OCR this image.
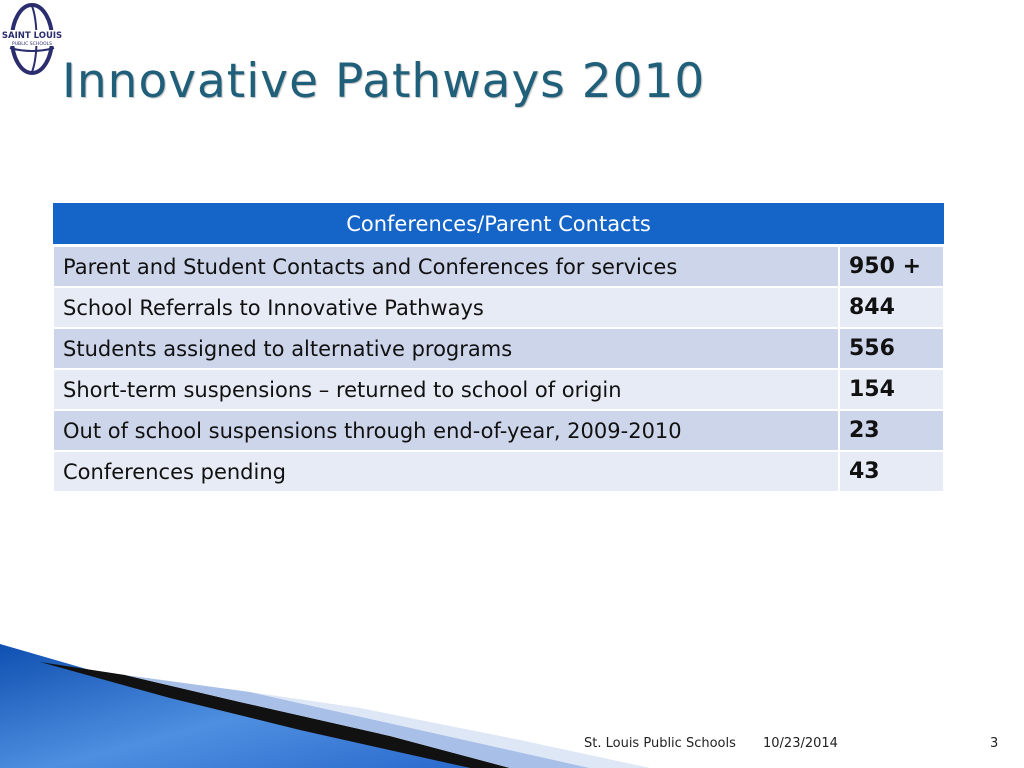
SAINT LOUIS
PUBLIC SCHOOLS
Innovative Pathways 2010
Conferences/Parent Contacts	
Parent and Student Contacts and Conferences for services	950 +
School Referrals to Innovative Pathways	844
Students assigned to alternative programs	556
Short-term suspensions – returned to school of origin	154
Out of school suspensions through end-of-year, 2009-2010	23
Conferences pending	43
St. Louis Public Schools 10/23/2014	3
